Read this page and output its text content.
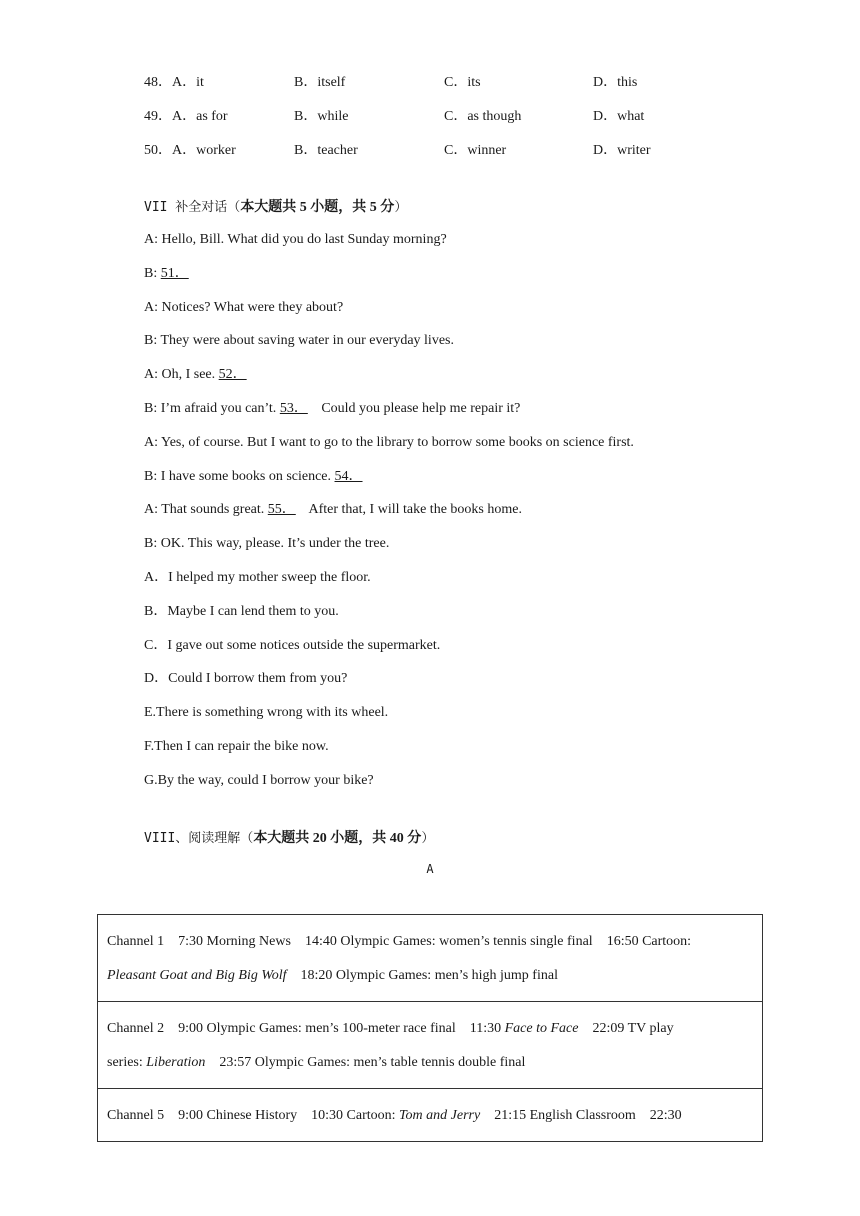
48．A．it	B．itself	C．its	D．this
49．A．as for	B．while	C．as though	D．what
50．A．worker	B．teacher	C．winner	D．writer
VII 补全对话（本大题共 5 小题，共 5 分）
A: Hello, Bill. What did you do last Sunday morning?
B: 51．
A: Notices? What were they about?
B: They were about saving water in our everyday lives.
A: Oh, I see. 52．
B: I’m afraid you can’t. 53． Could you please help me repair it?
A: Yes, of course. But I want to go to the library to borrow some books on science first.
B: I have some books on science. 54．
A: That sounds great. 55． After that, I will take the books home.
B: OK. This way, please. It’s under the tree.
A．I helped my mother sweep the floor.
B．Maybe I can lend them to you.
C．I gave out some notices outside the supermarket.
D．Could I borrow them from you?
E.There is something wrong with its wheel.
F.Then I can repair the bike now.
G.By the way, could I borrow your bike?
VIII、阅读理解（本大题共 20 小题，共 40 分）
A
Channel 1 7:30 Morning News 14:40 Olympic Games: women’s tennis single final 16:50 Cartoon:
Pleasant Goat and Big Big Wolf 18:20 Olympic Games: men’s high jump final
Channel 2 9:00 Olympic Games: men’s 100-meter race final 11:30 Face to Face 22:09 TV play
series: Liberation 23:57 Olympic Games: men’s table tennis double final
Channel 5 9:00 Chinese History 10:30 Cartoon: Tom and Jerry 21:15 English Classroom 22:30
